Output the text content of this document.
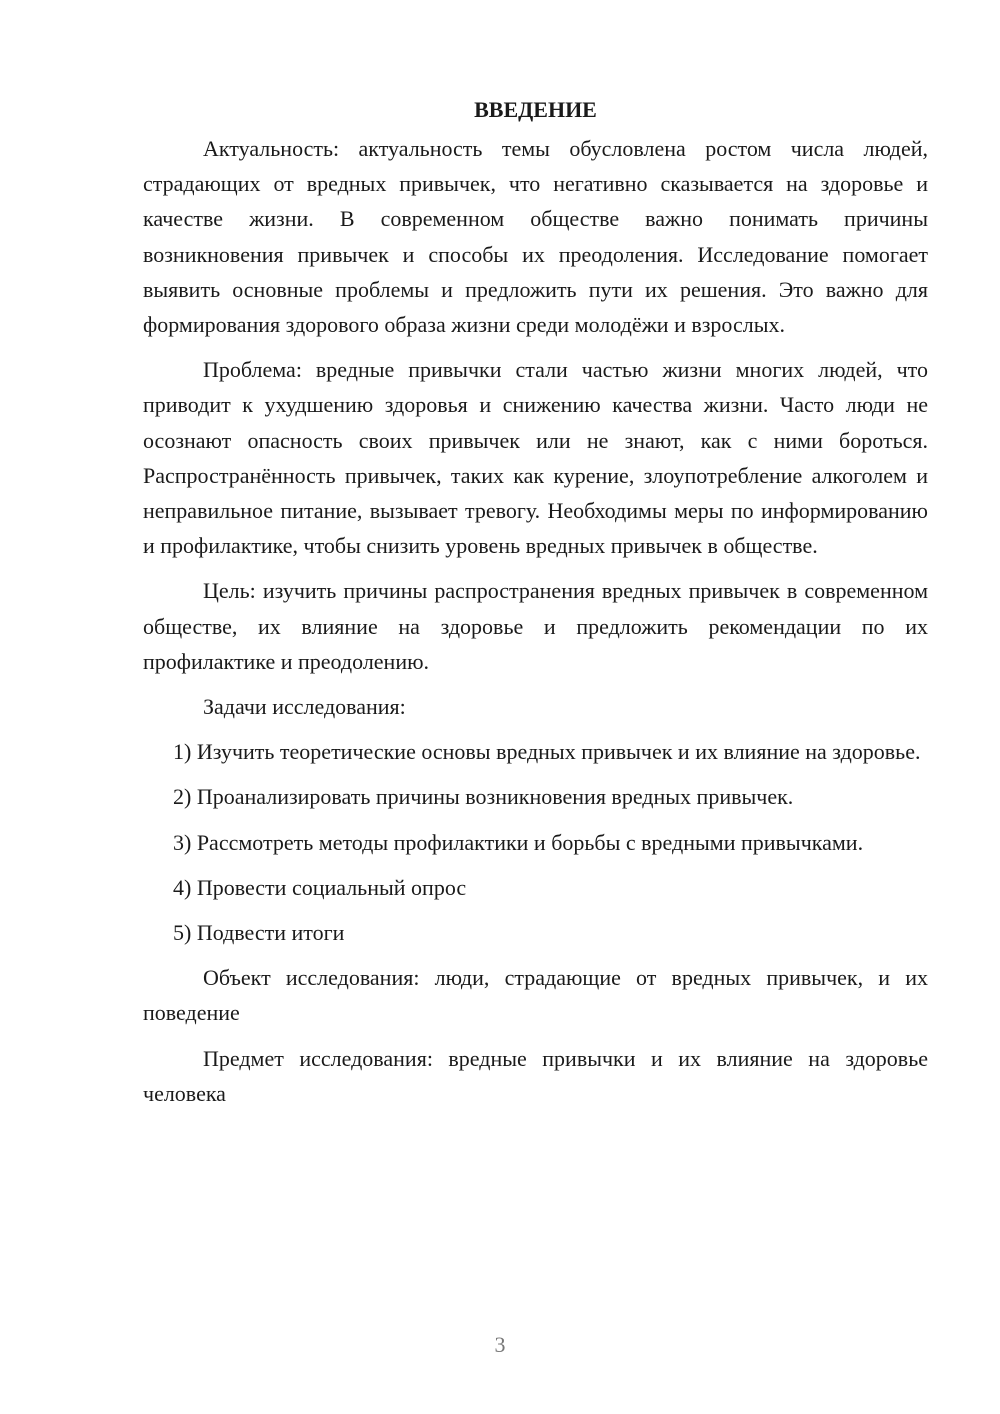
ВВЕДЕНИЕ

Актуальность: актуальность темы обусловлена ростом числа людей, страдающих от вредных привычек, что негативно сказывается на здоровье и качестве жизни. В современном обществе важно понимать причины возникновения привычек и способы их преодоления. Исследование помогает выявить основные проблемы и предложить пути их решения. Это важно для формирования здорового образа жизни среди молодёжи и взрослых.

Проблема: вредные привычки стали частью жизни многих людей, что приводит к ухудшению здоровья и снижению качества жизни. Часто люди не осознают опасность своих привычек или не знают, как с ними бороться. Распространённость привычек, таких как курение, злоупотребление алкоголем и неправильное питание, вызывает тревогу. Необходимы меры по информированию и профилактике, чтобы снизить уровень вредных привычек в обществе.

Цель: изучить причины распространения вредных привычек в современном обществе, их влияние на здоровье и предложить рекомендации по их профилактике и преодолению.

Задачи исследования:

1) Изучить теоретические основы вредных привычек и их влияние на здоровье.

2) Проанализировать причины возникновения вредных привычек.

3) Рассмотреть методы профилактики и борьбы с вредными привычками.

4) Провести социальный опрос

5) Подвести итоги

Объект исследования: люди, страдающие от вредных привычек, и их поведение

Предмет исследования: вредные привычки и их влияние на здоровье человека

3
